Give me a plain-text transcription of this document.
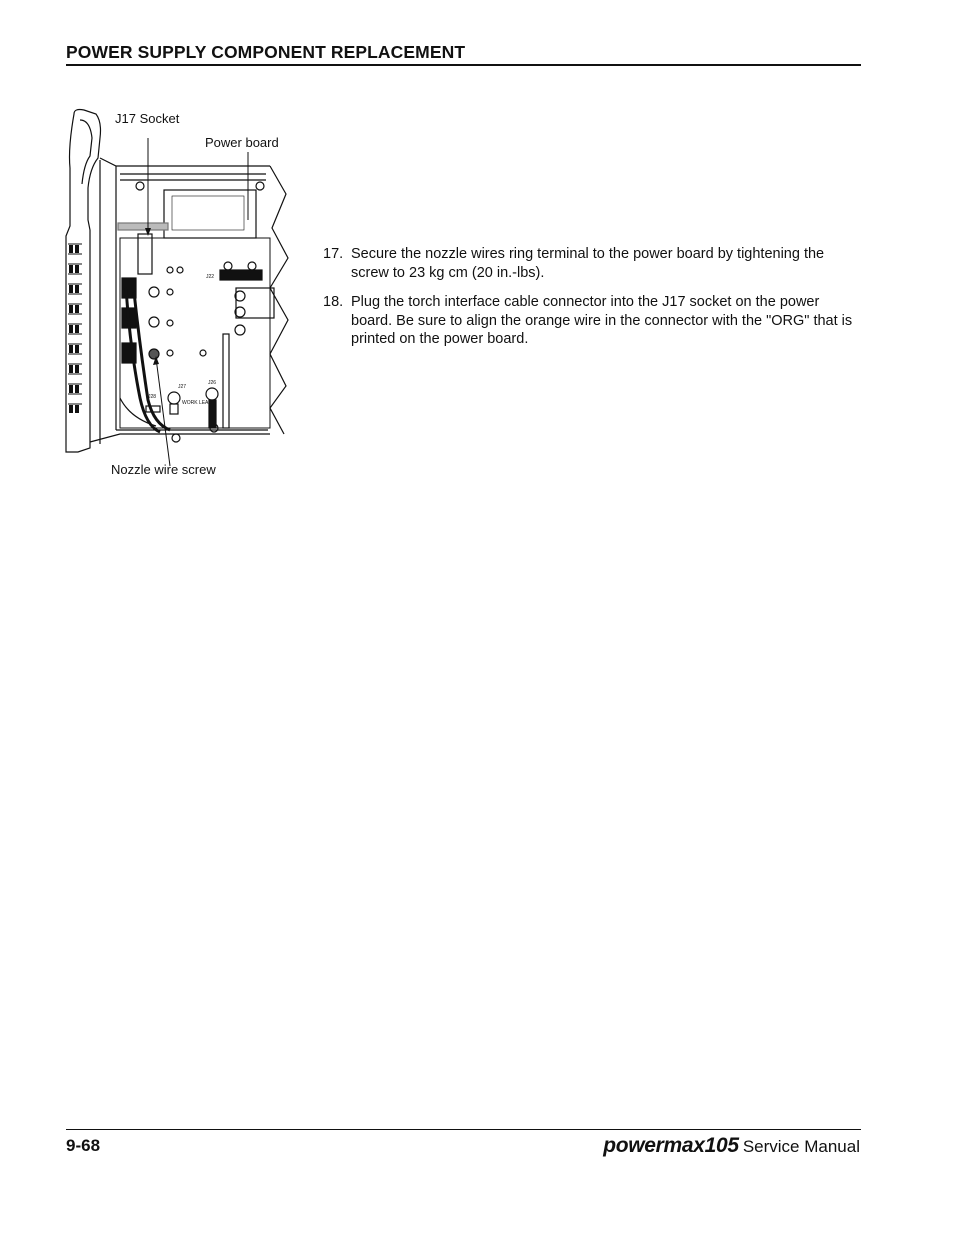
POWER SUPPLY COMPONENT REPLACEMENT
J22
J27
J28
J26
WORK LEAD
J17 Socket
Power board
Nozzle wire screw
17. Secure the nozzle wires ring terminal to the power board by tightening the screw to 23 kg cm (20 in.-lbs).
18. Plug the torch interface cable connector into the J17 socket on the power board. Be sure to align the orange wire in the connector with the "ORG" that is printed on the power board.
9-68	powermax105 Service Manual
